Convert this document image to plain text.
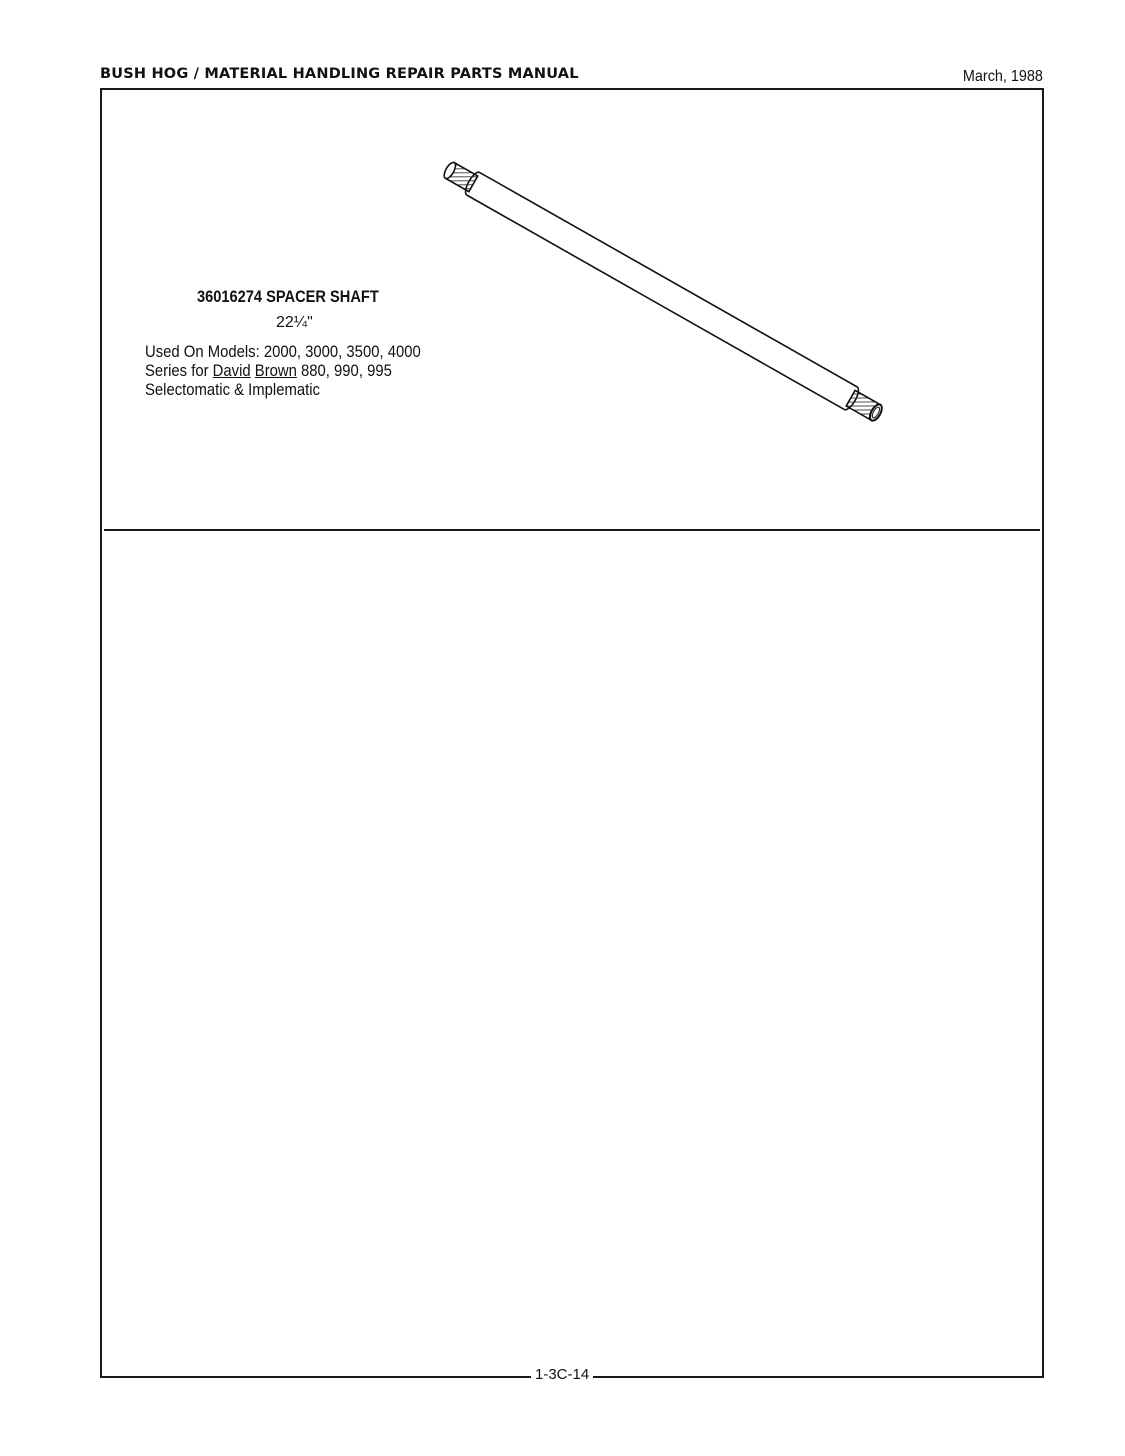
BUSH HOG / MATERIAL HANDLING REPAIR PARTS MANUAL	March, 1988
36016274 SPACER SHAFT
22¼"
Used On Models: 2000, 3000, 3500, 4000
Series for David Brown 880, 990, 995
Selectomatic & Implematic
1-3C-14
